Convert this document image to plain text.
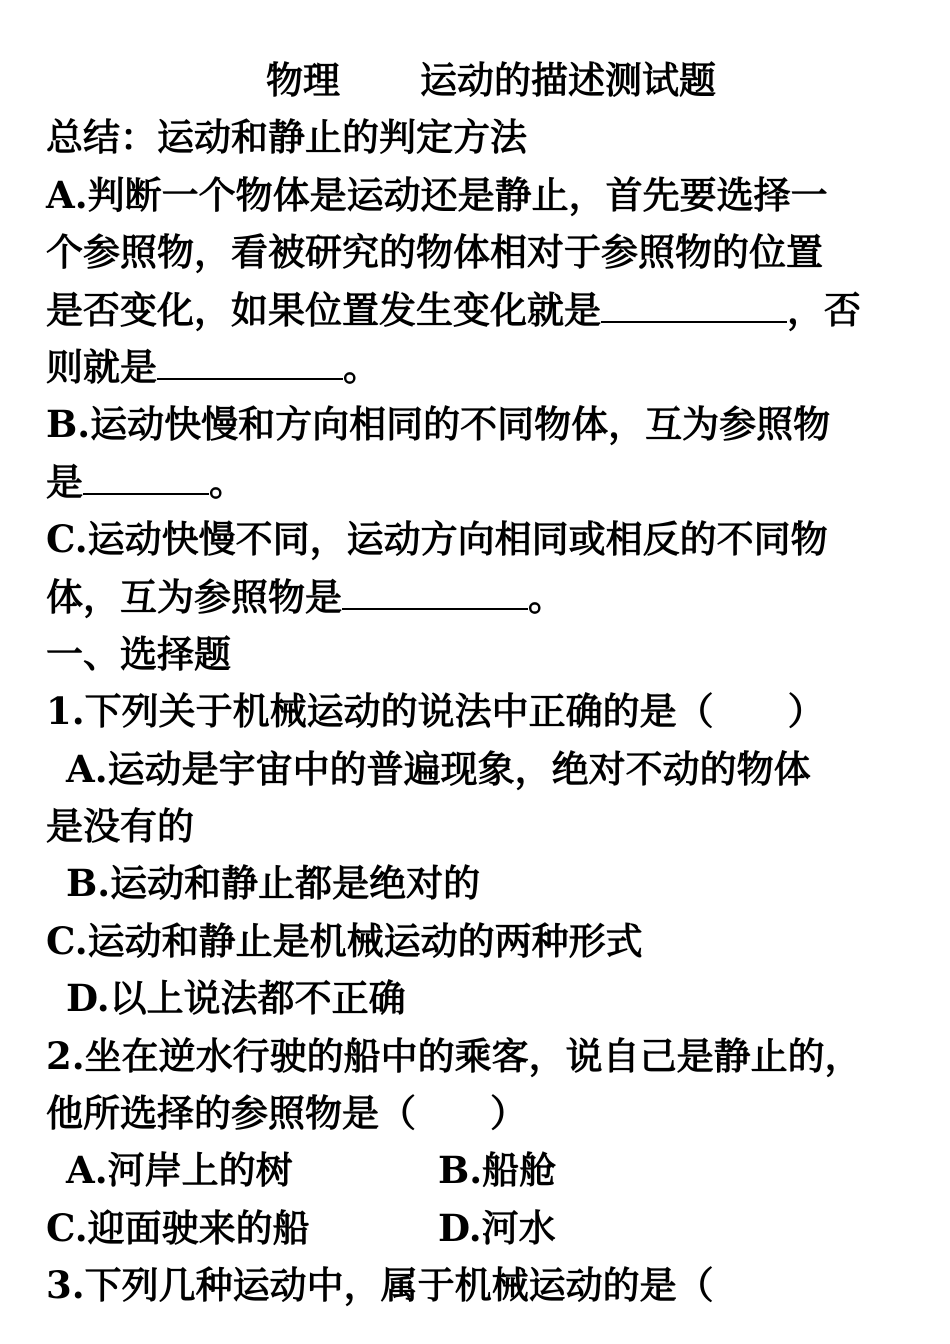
物理 运动的描述测试题
总结：运动和静止的判定方法
A.判断一个物体是运动还是静止，首先要选择一
个参照物，看被研究的物体相对于参照物的位置
是否变化，如果位置发生变化就是	，否
则就是	。
B.运动快慢和方向相同的不同物体，互为参照物
是	。
C.运动快慢不同，运动方向相同或相反的不同物
体，互为参照物是	。
一、选择题
1.下列关于机械运动的说法中正确的是（　　）
A.运动是宇宙中的普遍现象，绝对不动的物体
是没有的
B.运动和静止都是绝对的
C.运动和静止是机械运动的两种形式
D.以上说法都不正确
2.坐在逆水行驶的船中的乘客，说自己是静止的，
他所选择的参照物是（　　）
A.河岸上的树	B.船舱
C.迎面驶来的船	D.河水
3.下列几种运动中，属于机械运动的是（
